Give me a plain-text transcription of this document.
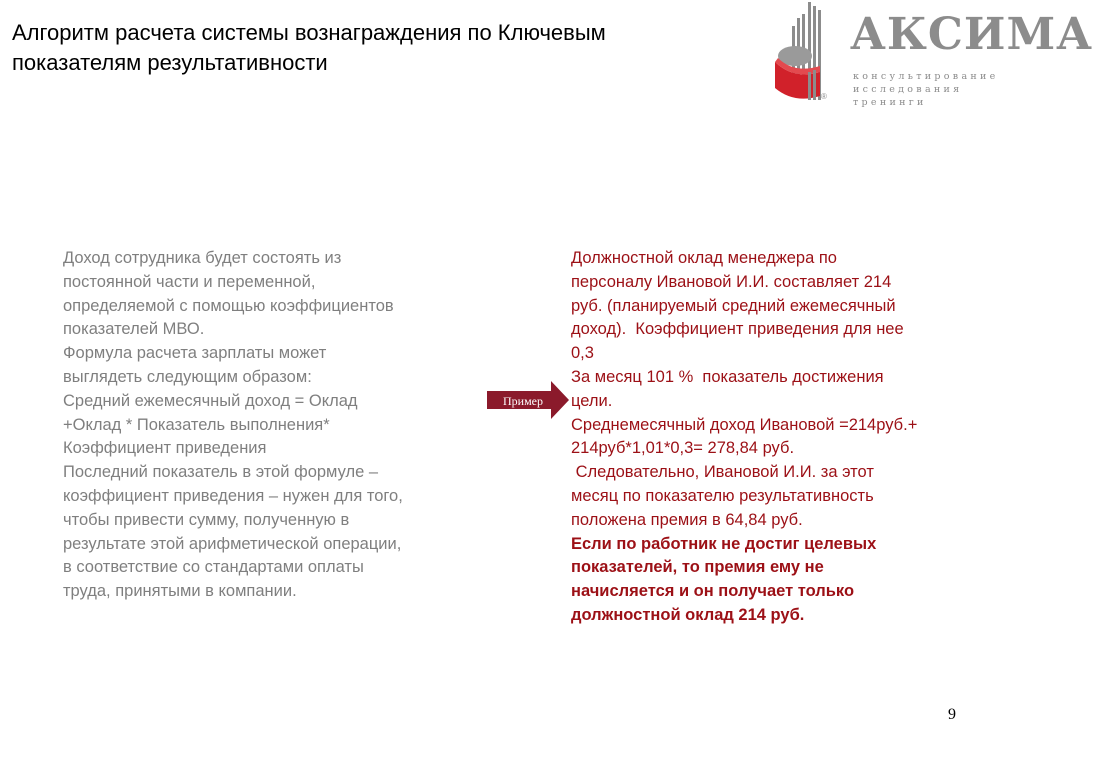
Алгоритм расчета системы вознаграждения по Ключевым
показателям результативности
АКСИМА
консультирование
исследования
тренинги
®
Доход сотрудника будет состоять из
постоянной части и переменной,
определяемой с помощью коэффициентов
показателей МВО.
Формула расчета зарплаты может
выглядеть следующим образом:
Средний ежемесячный доход = Оклад
+Оклад * Показатель выполнения*
Коэффициент приведения
Последний показатель в этой формуле –
коэффициент приведения – нужен для того,
чтобы привести сумму, полученную в
результате этой арифметической операции,
в соответствие со стандартами оплаты
труда, принятыми в компании.
Пример
Должностной оклад менеджера по
персоналу Ивановой И.И. составляет 214
руб. (планируемый средний ежемесячный
доход).  Коэффициент приведения для нее
0,3
За месяц 101 %  показатель достижения
цели.
Среднемесячный доход Ивановой =214руб.+
214руб*1,01*0,3= 278,84 руб.
Следовательно, Ивановой И.И. за этот
месяц по показателю результативность
положена премия в 64,84 руб.
Если по работник не достиг целевых
показателей, то премия ему не
начисляется и он получает только
должностной оклад 214 руб.
9
